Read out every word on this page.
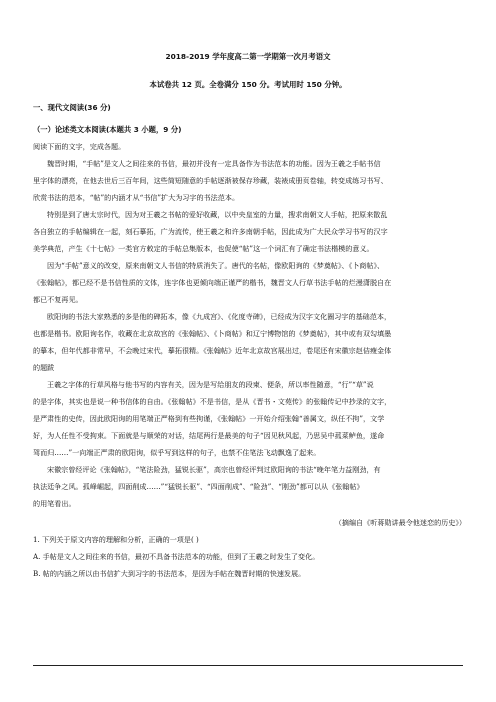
2018-2019 学年度高二第一学期第一次月考语文
本试卷共 12 页。全卷满分 150 分。考试用时 150 分钟。
一、现代文阅读(36 分)
（一）论述类文本阅读(本题共 3 小题，9 分)
阅读下面的文字，完成各题。
魏晋时期，“手帖”是文人之间往来的书信，最初并没有一定具备作为书法范本的功能。因为王羲之手帖书信
里字体的漂亮，在他去世后三百年间，这些简短随意的手帖逐渐被保存珍藏，装裱成册页卷轴，转变成练习书写、
欣赏书法的范本，“帖”的内涵才从“书信”扩大为习字的书法范本。
特别是到了唐太宗时代，因为对王羲之书帖的爱好收藏，以中央皇室的力量，搜求南朝文人手帖，把原来散乱
各自独立的手帖编辑在一起，刻石摹拓，广为流传，使王羲之和许多南朝手帖，因此成为广大民众学习书写的汉字
美学典范，产生《十七帖》一类官方敕定的手帖总集版本，也促使“帖”这一个词汇有了确定书法楷模的意义。
因为“手帖”意义的改变，原来南朝文人书信的特质消失了。唐代的名帖，像欧阳询的《梦奠帖》、《卜商帖》、
《张翰帖》，都已经不是书信性质的文体，连字体也更倾向端正谨严的楷书，魏晋文人行草书法手帖的烂漫潇脱自在
都已不复再见。
欧阳询的书法大家熟悉的多是他的碑拓本，像《九成宫》、《化度寺碑》，已经成为汉字文化圈习字的基础范本，
也都是楷书。欧阳询名作，收藏在北京故宫的《张翰帖》、《卜商帖》和辽宁博物馆的《梦奠帖》，其中或有双勾填墨
的摹本，但年代都非常早，不会晚过宋代，摹拓很精。《张翰帖》近年北京故宫展出过，卷尾还有宋徽宗赵佶瘦金体
的题跋
王羲之字体的行草风格与他书写的内容有关，因为是写给朋友的段柬、便条，所以率性随意，“行”“草”说
的是字体，其实也是说一种书信体的自由。《张翰帖》不是书信，是从《晋书・文苑传》的张翰传记中抄录的文字，
是严肃性的史传，因此欧阳询的用笔端正严格到有些拘谨，《张翰帖》一开始介绍张翰“善属文，纵任不拘”，文学
好，为人任性不受拘束。下面就是与顺荣的对话，结尾两行是最美的句子“因见秋风起，乃思吴中菰菜鲈鱼，遂命
驾而归……”一向端正严肃的欧阳询，似乎写到这样的句子，也禁不住笔法飞动飘逸了起来。
宋徽宗曾经评论《张翰帖》，“笔法险劲，猛锐长驱”，高宗也曾经评判过欧阳询的书法“晚年笔力益刚劲，有
执法廷争之风。孤峰崛起，四面削成……”“猛锐长驱”、“四面削成”、“险劲”、“刚劲”都可以从《张翰帖》
的用笔看出。
（摘编自《听蒋勋讲最令他迷恋的历史》）
1. 下列关于原文内容的理解和分析，正确的一项是( )
A. 手帖是文人之间往来的书信，最初不具备书法范本的功能，但到了王羲之时发生了变化。
B. 帖的内涵之所以由书信扩大到习字的书法范本，是因为手帖在魏晋时期的快速发展。
